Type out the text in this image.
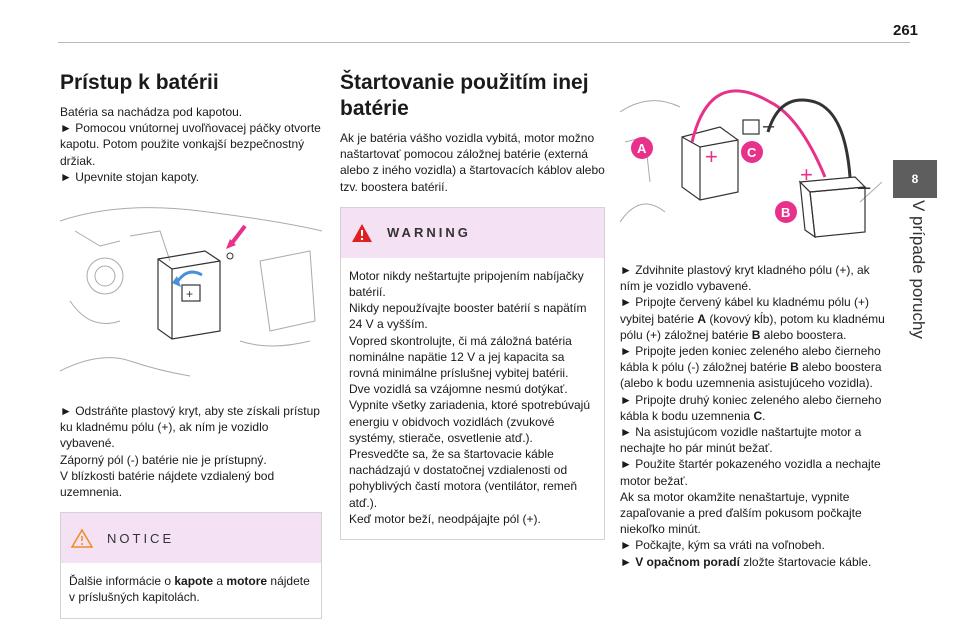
261
8
V prípade poruchy
Prístup k batérii

Batéria sa nachádza pod kapotou.

► Pomocou vnútornej uvoľňovacej páčky otvorte kapotu. Potom použite vonkajší bezpečnostný držiak.

► Upevnite stojan kapoty.

+

► Odstráňte plastový kryt, aby ste získali prístup ku kladnému pólu (+), ak ním je vozidlo vybavené.

Záporný pól (-) batérie nie je prístupný.

V blízkosti batérie nájdete vzdialený bod uzemnenia.

NOTICE

Ďalšie informácie o kapote a motore nájdete v príslušných kapitolách.

Štartovanie použitím inej batérie

Ak je batéria vášho vozidla vybitá, motor možno naštartovať pomocou záložnej batérie (externá alebo z iného vozidla) a štartovacích káblov alebo tzv. boostera batérií.

WARNING

Motor nikdy neštartujte pripojením nabíjačky batérií.

Nikdy nepoužívajte booster batérií s napätím 24 V a vyšším.

Vopred skontrolujte, či má záložná batéria nominálne napätie 12 V a jej kapacita sa rovná minimálne príslušnej vybitej batérii.

Dve vozidlá sa vzájomne nesmú dotýkať.

Vypnite všetky zariadenia, ktoré spotrebúvajú energiu v obidvoch vozidlách (zvukové systémy, stierače, osvetlenie atď.).

Presvedčte sa, že sa štartovacie káble nachádzajú v dostatočnej vzdialenosti od pohyblivých častí motora (ventilátor, remeň atď.).

Keď motor beží, neodpájajte pól (+).

A	C
B
+
+ –
–

► Zdvihnite plastový kryt kladného pólu (+), ak ním je vozidlo vybavené.

► Pripojte červený kábel ku kladnému pólu (+) vybitej batérie A (kovový kĺb), potom ku kladnému pólu (+) záložnej batérie B alebo boostera.

► Pripojte jeden koniec zeleného alebo čierneho kábla k pólu (-) záložnej batérie B alebo boostera (alebo k bodu uzemnenia asistujúceho vozidla).

► Pripojte druhý koniec zeleného alebo čierneho kábla k bodu uzemnenia C.

► Na asistujúcom vozidle naštartujte motor a nechajte ho pár minút bežať.

► Použite štartér pokazeného vozidla a nechajte motor bežať.

Ak sa motor okamžite nenaštartuje, vypnite zapaľovanie a pred ďalším pokusom počkajte niekoľko minút.

► Počkajte, kým sa vráti na voľnobeh.

► V opačnom poradí zložte štartovacie káble.
